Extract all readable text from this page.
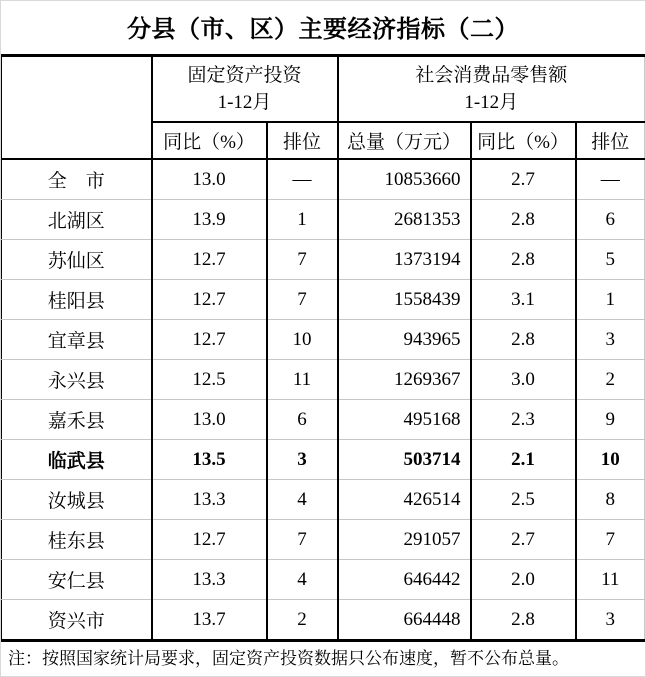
分县（市、区）主要经济指标（二）

固定资产投资
1-12月

社会消费品零售额
1-12月

	同比（%）	排位	总量（万元）	同比（%）	排位
全　市	13.0	—	10853660	2.7	—
北湖区	13.9	1	2681353	2.8	6
苏仙区	12.7	7	1373194	2.8	5
桂阳县	12.7	7	1558439	3.1	1
宜章县	12.7	10	943965	2.8	3
永兴县	12.5	11	1269367	3.0	2
嘉禾县	13.0	6	495168	2.3	9
临武县	13.5	3	503714	2.1	10
汝城县	13.3	4	426514	2.5	8
桂东县	12.7	7	291057	2.7	7
安仁县	13.3	4	646442	2.0	11
资兴市	13.7	2	664448	2.8	3
注：按照国家统计局要求，固定资产投资数据只公布速度，暂不公布总量。
